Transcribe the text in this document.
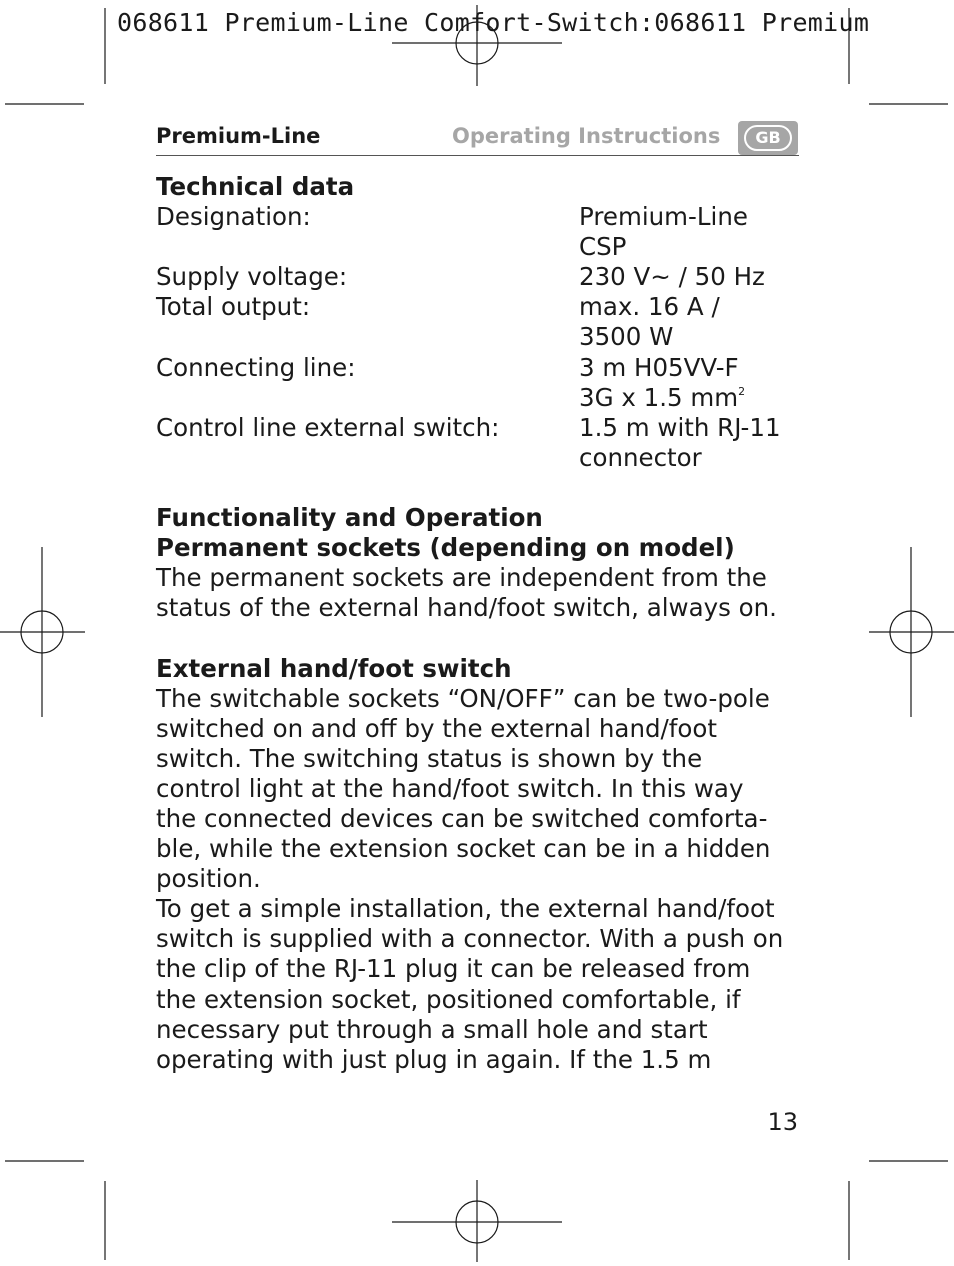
068611 Premium-Line Comfort-Switch:068611 Premium
Premium-Line	Operating Instructions	GB
Technical data
Designation:	Premium-Line
CSP
Supply voltage:	230 V~ / 50 Hz
Total output:	max. 16 A /
3500 W
Connecting line:	3 m H05VV-F
3G x 1.5 $mm^2$
Control line external switch:	1.5 m with RJ-11
connector
Functionality and Operation
Permanent sockets (depending on model)

The permanent sockets are independent from the

status of the external hand/foot switch, always on.

External hand/foot switch

The switchable sockets “ON/OFF” can be two-pole

switched on and off by the external hand/foot

switch. The switching status is shown by the

control light at the hand/foot switch. In this way

the connected devices can be switched comforta-

ble, while the extension socket can be in a hidden

position.

To get a simple installation, the external hand/foot

switch is supplied with a connector. With a push on

the clip of the RJ-11 plug it can be released from

the extension socket, positioned comfortable, if

necessary put through a small hole and start

operating with just plug in again. If the 1.5 m

13
